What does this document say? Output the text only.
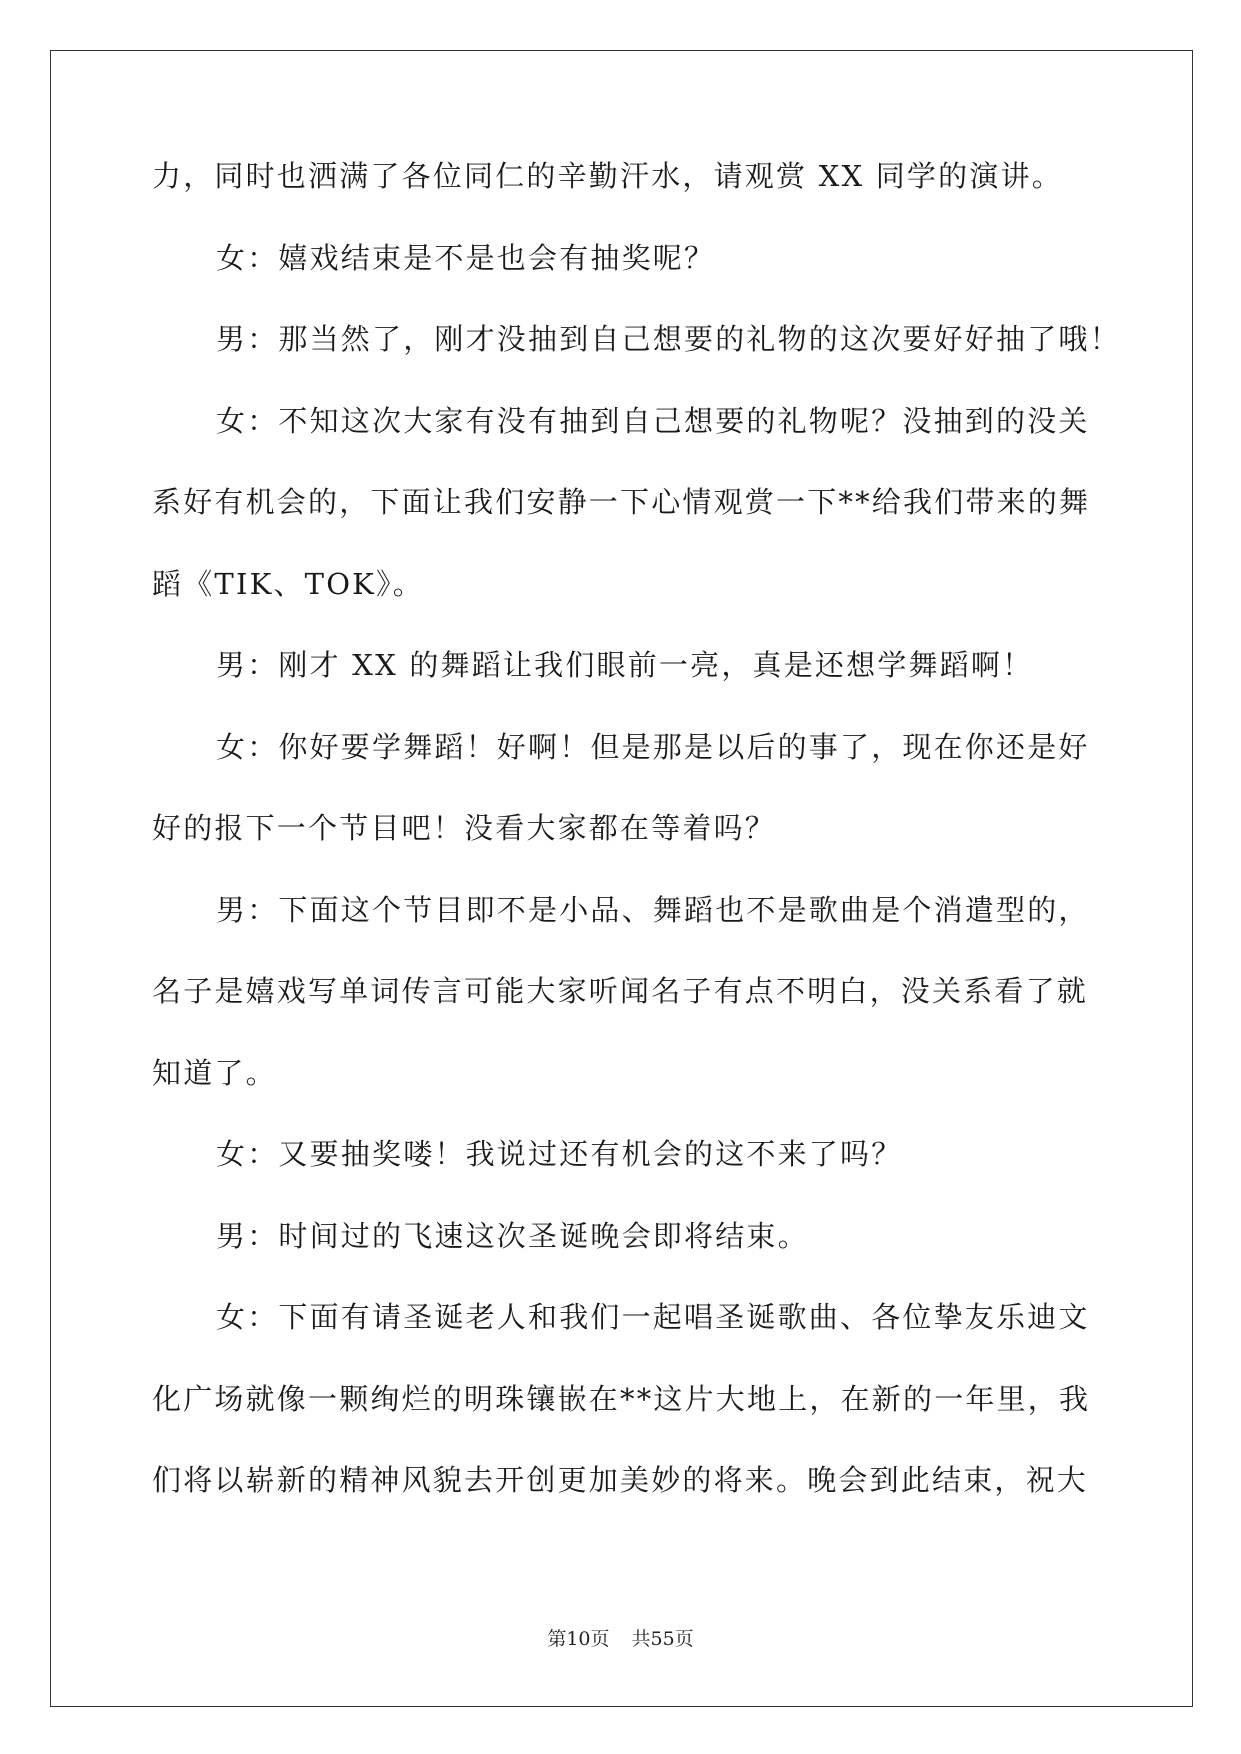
力，同时也洒满了各位同仁的辛勤汗水，请观赏 XX 同学的演讲。
女：嬉戏结束是不是也会有抽奖呢？
男：那当然了，刚才没抽到自己想要的礼物的这次要好好抽了哦！
女：不知这次大家有没有抽到自己想要的礼物呢？没抽到的没关
系好有机会的，下面让我们安静一下心情观赏一下**给我们带来的舞
蹈《TIK、TOK》。
男：刚才 XX 的舞蹈让我们眼前一亮，真是还想学舞蹈啊！
女：你好要学舞蹈！好啊！但是那是以后的事了，现在你还是好
好的报下一个节目吧！没看大家都在等着吗？
男：下面这个节目即不是小品、舞蹈也不是歌曲是个消遣型的，
名子是嬉戏写单词传言可能大家听闻名子有点不明白，没关系看了就
知道了。
女：又要抽奖喽！我说过还有机会的这不来了吗？
男：时间过的飞速这次圣诞晚会即将结束。
女：下面有请圣诞老人和我们一起唱圣诞歌曲、各位挚友乐迪文
化广场就像一颗绚烂的明珠镶嵌在**这片大地上，在新的一年里，我
们将以崭新的精神风貌去开创更加美妙的将来。晚会到此结束，祝大
第10页 共55页
